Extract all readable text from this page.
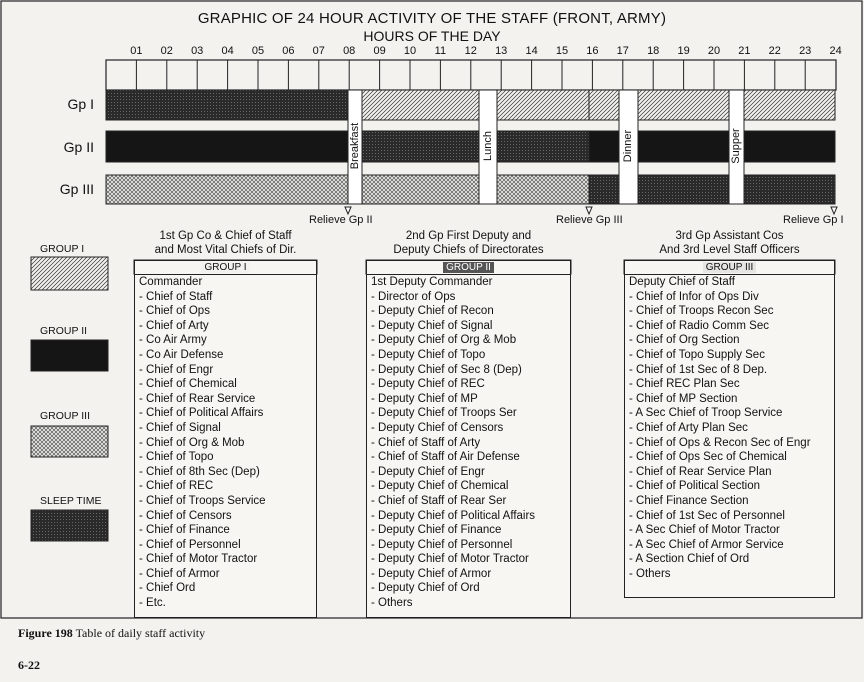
GRAPHIC OF 24 HOUR ACTIVITY OF THE STAFF (FRONT, ARMY)
HOURS OF THE DAY
01	02	03	04	05	06	07	08	09	10	11	12	13	14	15	16	17	18	19	20	21	22	23	24
Gp I
Gp II
Gp III
Breakfast	Lunch	Dinner	Supper
Relieve Gp II	Relieve Gp III	Relieve Gp I
GROUP I
GROUP II
GROUP III
SLEEP TIME
1st Gp Co & Chief of Staff
and Most Vital Chiefs of Dir.
2nd Gp First Deputy and
Deputy Chiefs of Directorates
3rd Gp Assistant Cos
And 3rd Level Staff Officers
GROUP I
Commander
- Chief of Staff
- Chief of Ops
- Chief of Arty
- Co Air Army
- Co Air Defense
- Chief of Engr
- Chief of Chemical
- Chief of Rear Service
- Chief of Political Affairs
- Chief of Signal
- Chief of Org & Mob
- Chief of Topo
- Chief of 8th Sec (Dep)
- Chief of REC
- Chief of Troops Service
- Chief of Censors
- Chief of Finance
- Chief of Personnel
- Chief of Motor Tractor
- Chief of Armor
- Chief Ord
- Etc.
GROUP II
1st Deputy Commander
- Director of Ops
- Deputy Chief of Recon
- Deputy Chief of Signal
- Deputy Chief of Org & Mob
- Deputy Chief of Topo
- Deputy Chief of Sec 8 (Dep)
- Deputy Chief of REC
- Deputy Chief of MP
- Deputy Chief of Troops Ser
- Deputy Chief of Censors
- Chief of Staff of Arty
- Chief of Staff of Air Defense
- Deputy Chief of Engr
- Deputy Chief of Chemical
- Chief of Staff of Rear Ser
- Deputy Chief of Political Affairs
- Deputy Chief of Finance
- Deputy Chief of Personnel
- Deputy Chief of Motor Tractor
- Deputy Chief of Armor
- Deputy Chief of Ord
- Others
GROUP III
Deputy Chief of Staff
- Chief of Infor of Ops Div
- Chief of Troops Recon Sec
- Chief of Radio Comm Sec
- Chief of Org Section
- Chief of Topo Supply Sec
- Chief of 1st Sec of 8 Dep.
- Chief REC Plan Sec
- Chief of MP Section
- A Sec Chief of Troop Service
- Chief of Arty Plan Sec
- Chief of Ops & Recon Sec of Engr
- Chief of Ops Sec of Chemical
- Chief of Rear Service Plan
- Chief of Political Section
- Chief Finance Section
- Chief of 1st Sec of Personnel
- A Sec Chief of Motor Tractor
- A Sec Chief of Armor Service
- A Section Chief of Ord
- Others
Figure 198 Table of daily staff activity
6-22
